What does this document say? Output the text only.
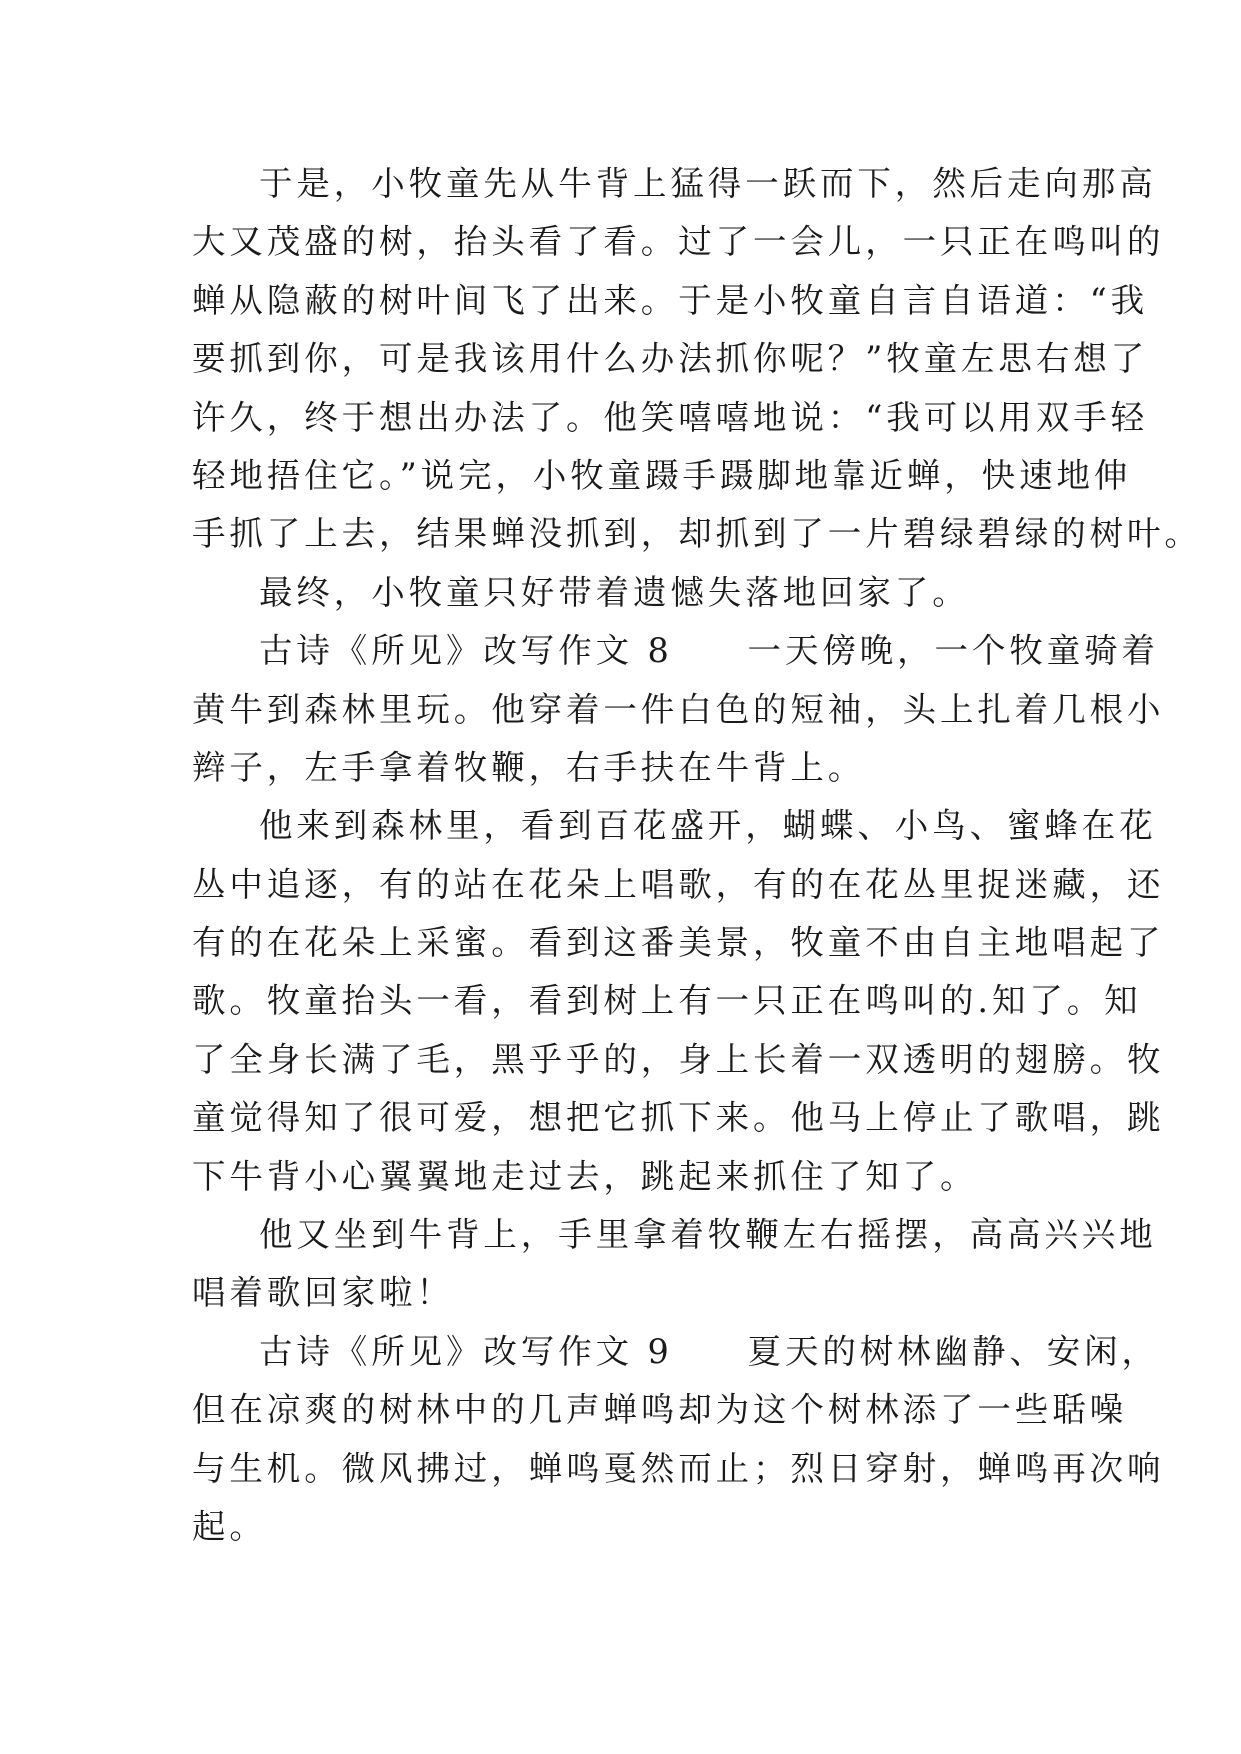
于是，小牧童先从牛背上猛得一跃而下，然后走向那高
大又茂盛的树，抬头看了看。过了一会儿，一只正在鸣叫的
蝉从隐蔽的树叶间飞了出来。于是小牧童自言自语道：“我
要抓到你，可是我该用什么办法抓你呢？”牧童左思右想了
许久，终于想出办法了。他笑嘻嘻地说：“我可以用双手轻
轻地捂住它。”说完，小牧童蹑手蹑脚地靠近蝉，快速地伸
手抓了上去，结果蝉没抓到，却抓到了一片碧绿碧绿的树叶。
最终，小牧童只好带着遗憾失落地回家了。
古诗《所见》改写作文 8　　一天傍晚，一个牧童骑着
黄牛到森林里玩。他穿着一件白色的短袖，头上扎着几根小
辫子，左手拿着牧鞭，右手扶在牛背上。
他来到森林里，看到百花盛开，蝴蝶、小鸟、蜜蜂在花
丛中追逐，有的站在花朵上唱歌，有的在花丛里捉迷藏，还
有的在花朵上采蜜。看到这番美景，牧童不由自主地唱起了
歌。牧童抬头一看，看到树上有一只正在鸣叫的.知了。知
了全身长满了毛，黑乎乎的，身上长着一双透明的翅膀。牧
童觉得知了很可爱，想把它抓下来。他马上停止了歌唱，跳
下牛背小心翼翼地走过去，跳起来抓住了知了。
他又坐到牛背上，手里拿着牧鞭左右摇摆，高高兴兴地
唱着歌回家啦！
古诗《所见》改写作文 9　　夏天的树林幽静、安闲，
但在凉爽的树林中的几声蝉鸣却为这个树林添了一些聒噪
与生机。微风拂过，蝉鸣戛然而止；烈日穿射，蝉鸣再次响
起。
